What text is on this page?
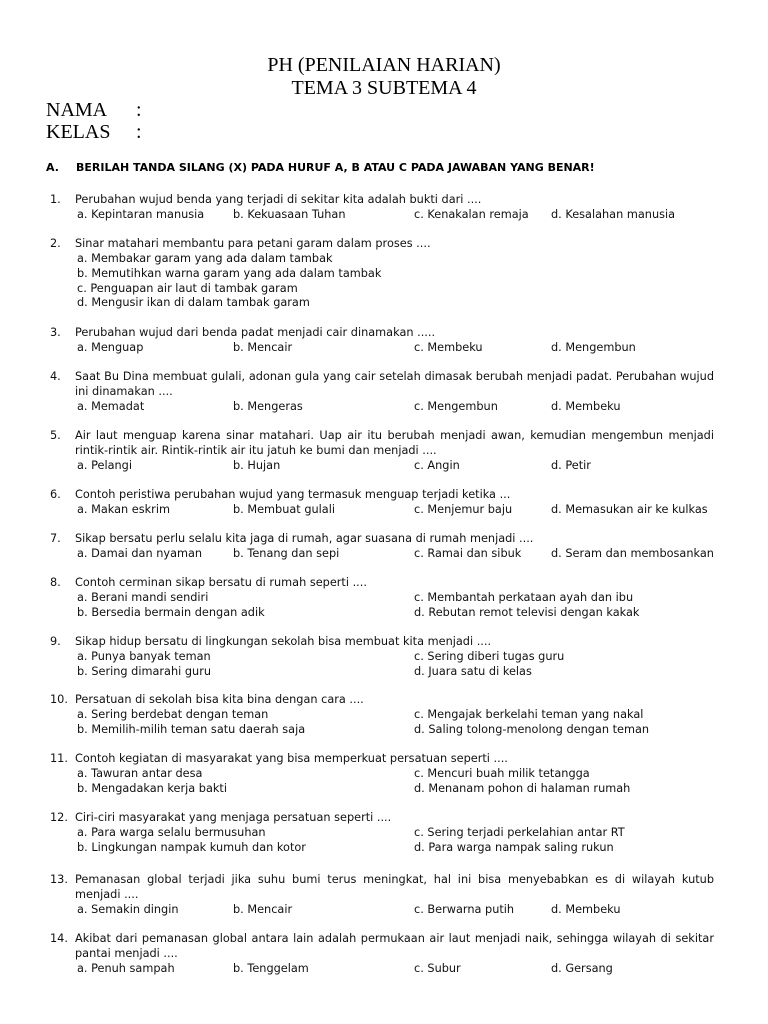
PH (PENILAIAN HARIAN)
TEMA 3 SUBTEMA 4
NAMA :
KELAS :
A. BERILAH TANDA SILANG (X) PADA HURUF A, B ATAU C PADA JAWABAN YANG BENAR!
1.	Perubahan wujud benda yang terjadi di sekitar kita adalah bukti dari ....
a. Kepintaran manusia	b. Kekuasaan Tuhan	c. Kenakalan remaja d. Kesalahan manusia
2.	Sinar matahari membantu para petani garam dalam proses ....
a. Membakar garam yang ada dalam tambak
b. Memutihkan warna garam yang ada dalam tambak
c. Penguapan air laut di tambak garam
d. Mengusir ikan di dalam tambak garam
3.	Perubahan wujud dari benda padat menjadi cair dinamakan .....
a. Menguap	b. Mencair	c. Membeku	d. Mengembun
4.	Saat Bu Dina membuat gulali, adonan gula yang cair setelah dimasak berubah menjadi padat. Perubahan wujud ini dinamakan ....
a. Memadat	b. Mengeras	c. Mengembun	d. Membeku
5.	Air laut menguap karena sinar matahari. Uap air itu berubah menjadi awan, kemudian mengembun menjadi rintik-rintik air. Rintik-rintik air itu jatuh ke bumi dan menjadi ....
a. Pelangi	b. Hujan	c. Angin	d. Petir
6.	Contoh peristiwa perubahan wujud yang termasuk menguap terjadi ketika ...
a. Makan eskrim	b. Membuat gulali	c. Menjemur baju	d. Memasukan air ke kulkas
7.	Sikap bersatu perlu selalu kita jaga di rumah, agar suasana di rumah menjadi ....
a. Damai dan nyaman	b. Tenang dan sepi	c. Ramai dan sibuk	d. Seram dan membosankan
8.	Contoh cerminan sikap bersatu di rumah seperti ....
a. Berani mandi sendiri
b. Bersedia bermain dengan adik
c. Membantah perkataan ayah dan ibu
d. Rebutan remot televisi dengan kakak
9.	Sikap hidup bersatu di lingkungan sekolah bisa membuat kita menjadi ....
a. Punya banyak teman
b. Sering dimarahi guru
c. Sering diberi tugas guru
d. Juara satu di kelas
10. Persatuan di sekolah bisa kita bina dengan cara ....
a. Sering berdebat dengan teman
b. Memilih-milih teman satu daerah saja
c. Mengajak berkelahi teman yang nakal
d. Saling tolong-menolong dengan teman
11. Contoh kegiatan di masyarakat yang bisa memperkuat persatuan seperti ....
a. Tawuran antar desa
b. Mengadakan kerja bakti
c. Mencuri buah milik tetangga
d. Menanam pohon di halaman rumah
12. Ciri-ciri masyarakat yang menjaga persatuan seperti ....
a. Para warga selalu bermusuhan
b. Lingkungan nampak kumuh dan kotor
c. Sering terjadi perkelahian antar RT
d. Para warga nampak saling rukun
13. Pemanasan global terjadi jika suhu bumi terus meningkat, hal ini bisa menyebabkan es di wilayah kutub menjadi ....
a. Semakin dingin	b. Mencair	c. Berwarna putih	d. Membeku
14. Akibat dari pemanasan global antara lain adalah permukaan air laut menjadi naik, sehingga wilayah di sekitar pantai menjadi ....
a. Penuh sampah	b. Tenggelam	c. Subur	d. Gersang
